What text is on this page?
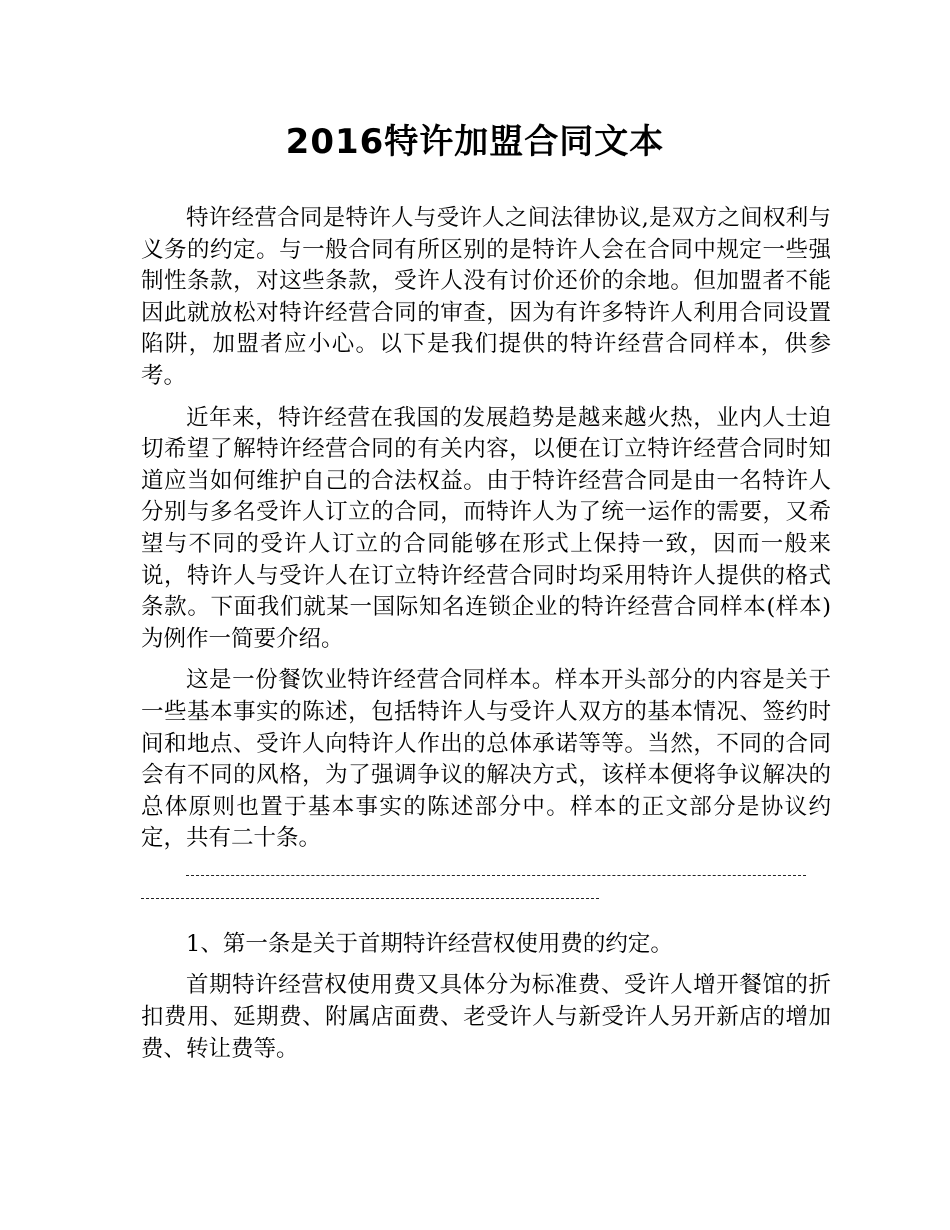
2016特许加盟合同文本

特许经营合同是特许人与受许人之间法律协议,是双方之间权利与义务的约定。与一般合同有所区别的是特许人会在合同中规定一些强制性条款，对这些条款，受许人没有讨价还价的余地。但加盟者不能因此就放松对特许经营合同的审查，因为有许多特许人利用合同设置陷阱，加盟者应小心。以下是我们提供的特许经营合同样本，供参考。

近年来，特许经营在我国的发展趋势是越来越火热，业内人士迫切希望了解特许经营合同的有关内容，以便在订立特许经营合同时知道应当如何维护自己的合法权益。由于特许经营合同是由一名特许人分别与多名受许人订立的合同，而特许人为了统一运作的需要，又希望与不同的受许人订立的合同能够在形式上保持一致，因而一般来说，特许人与受许人在订立特许经营合同时均采用特许人提供的格式条款。下面我们就某一国际知名连锁企业的特许经营合同样本(样本)为例作一简要介绍。

这是一份餐饮业特许经营合同样本。样本开头部分的内容是关于一些基本事实的陈述，包括特许人与受许人双方的基本情况、签约时间和地点、受许人向特许人作出的总体承诺等等。当然，不同的合同会有不同的风格，为了强调争议的解决方式，该样本便将争议解决的总体原则也置于基本事实的陈述部分中。样本的正文部分是协议约定，共有二十条。

1、第一条是关于首期特许经营权使用费的约定。

首期特许经营权使用费又具体分为标准费、受许人增开餐馆的折扣费用、延期费、附属店面费、老受许人与新受许人另开新店的增加费、转让费等。
